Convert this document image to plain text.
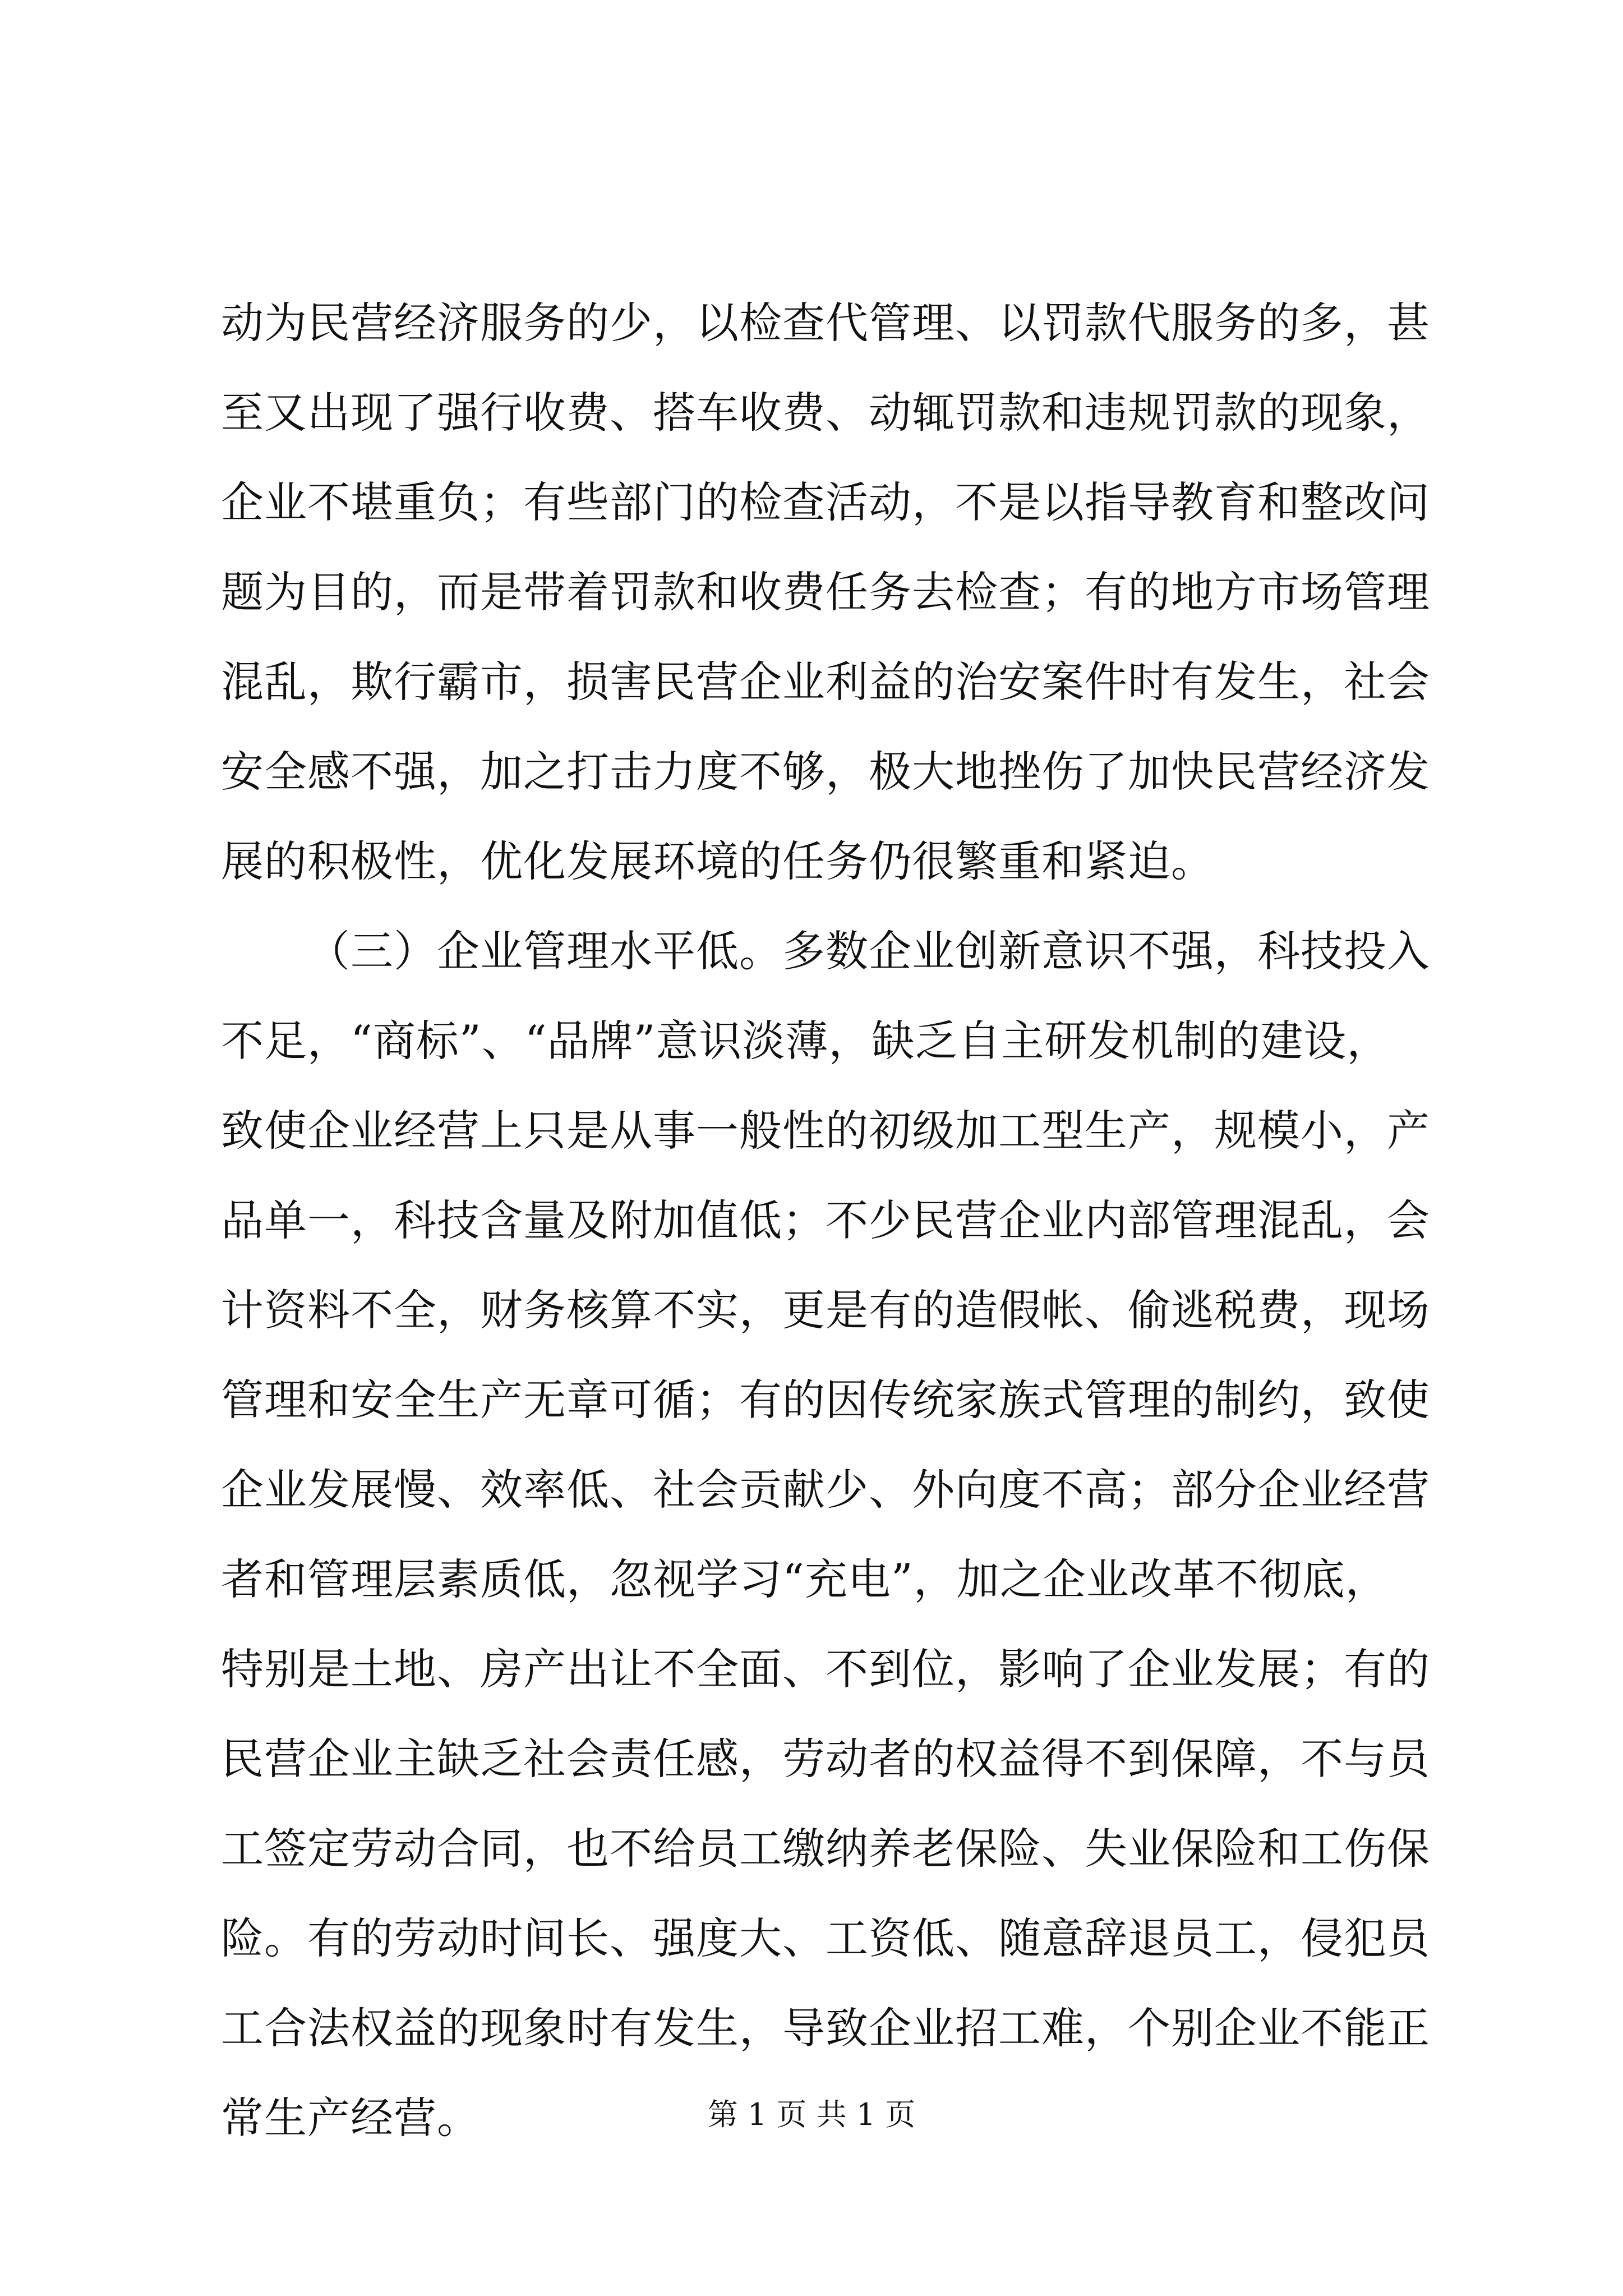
动为民营经济服务的少，以检查代管理、以罚款代服务的多，甚
至又出现了强行收费、搭车收费、动辄罚款和违规罚款的现象，
企业不堪重负；有些部门的检查活动，不是以指导教育和整改问
题为目的，而是带着罚款和收费任务去检查；有的地方市场管理
混乱，欺行霸市，损害民营企业利益的治安案件时有发生，社会
安全感不强，加之打击力度不够，极大地挫伤了加快民营经济发
展的积极性，优化发展环境的任务仍很繁重和紧迫。
（三）企业管理水平低。多数企业创新意识不强，科技投入
不足，“商标”、“品牌”意识淡薄，缺乏自主研发机制的建设，
致使企业经营上只是从事一般性的初级加工型生产，规模小，产
品单一，科技含量及附加值低；不少民营企业内部管理混乱，会
计资料不全，财务核算不实，更是有的造假帐、偷逃税费，现场
管理和安全生产无章可循；有的因传统家族式管理的制约，致使
企业发展慢、效率低、社会贡献少、外向度不高；部分企业经营
者和管理层素质低，忽视学习“充电”，加之企业改革不彻底，
特别是土地、房产出让不全面、不到位，影响了企业发展；有的
民营企业主缺乏社会责任感，劳动者的权益得不到保障，不与员
工签定劳动合同，也不给员工缴纳养老保险、失业保险和工伤保
险。有的劳动时间长、强度大、工资低、随意辞退员工，侵犯员
工合法权益的现象时有发生，导致企业招工难，个别企业不能正
常生产经营。	第 1 页 共 1 页
